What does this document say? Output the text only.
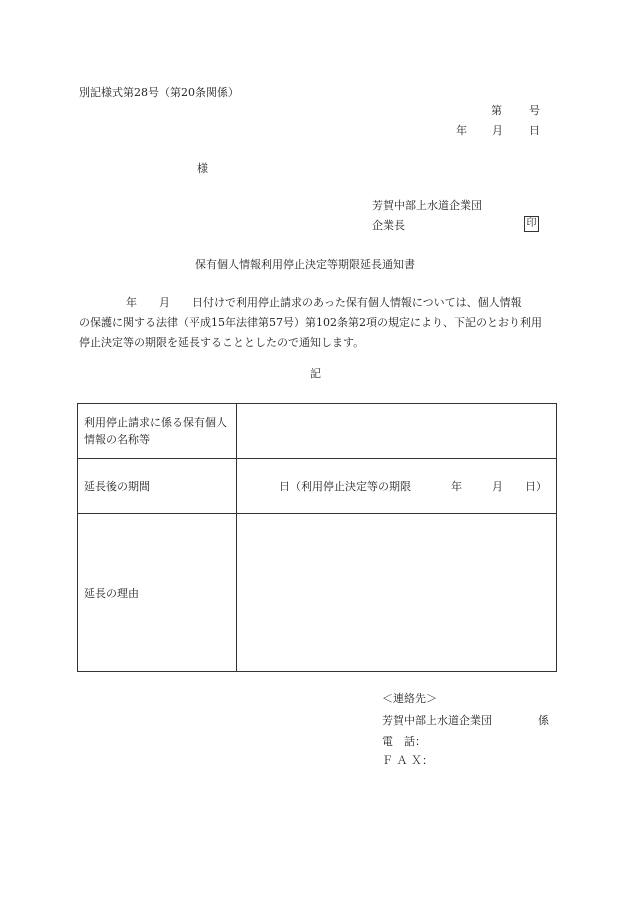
別記様式第28号（第20条関係）
第 号
年 月 日
様
芳賀中部上水道企業団
企業長	印
保有個人情報利用停止決定等期限延長通知書
年　　月　　日付けで利用停止請求のあった保有個人情報については、個人情報
の保護に関する法律（平成15年法律第57号）第102条第2項の規定により、下記のとおり利用
停止決定等の期限を延長することとしたので通知します。
記
利用停止請求に係る保有個人情報の名称等	
延長後の期間	日（利用停止決定等の期限 年 月 日）
延長の理由	
＜連絡先＞
芳賀中部上水道企業団	係
電　話：
Ｆ Ａ Ｘ：
